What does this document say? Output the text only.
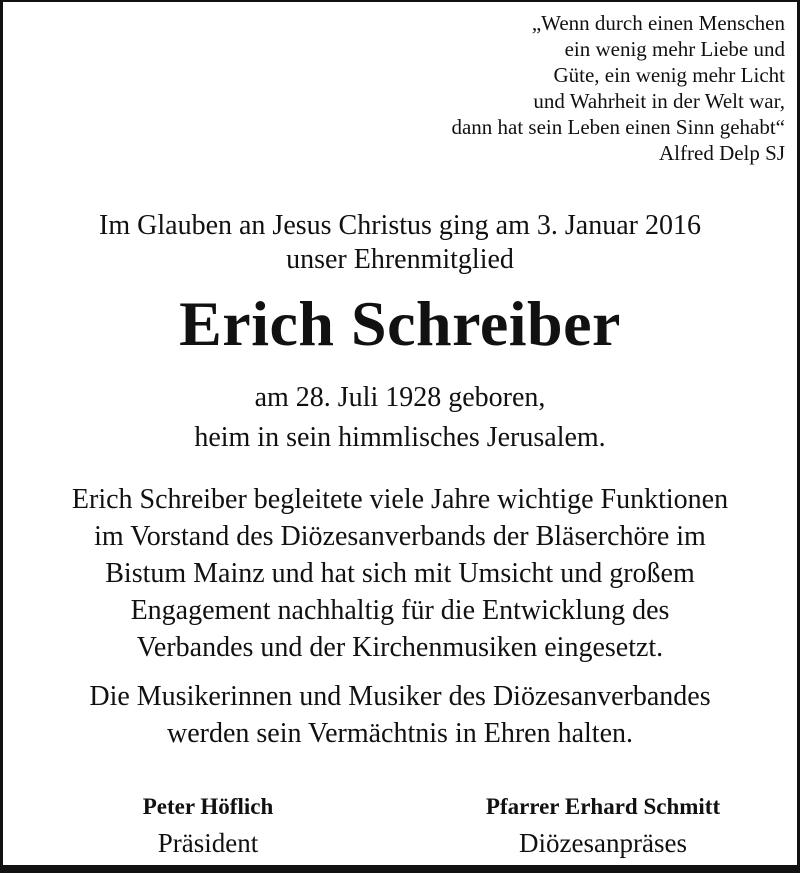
„Wenn durch einen Menschen
ein wenig mehr Liebe und
Güte, ein wenig mehr Licht
und Wahrheit in der Welt war,
dann hat sein Leben einen Sinn gehabt“
Alfred Delp SJ
Im Glauben an Jesus Christus ging am 3. Januar 2016
unser Ehrenmitglied
Erich Schreiber
am 28. Juli 1928 geboren,
heim in sein himmlisches Jerusalem.
Erich Schreiber begleitete viele Jahre wichtige Funktionen
im Vorstand des Diözesanverbands der Bläserchöre im
Bistum Mainz und hat sich mit Umsicht und großem
Engagement nachhaltig für die Entwicklung des
Verbandes und der Kirchenmusiken eingesetzt.
Die Musikerinnen und Musiker des Diözesanverbandes
werden sein Vermächtnis in Ehren halten.
Peter Höflich
Präsident
Pfarrer Erhard Schmitt
Diözesanpräses
